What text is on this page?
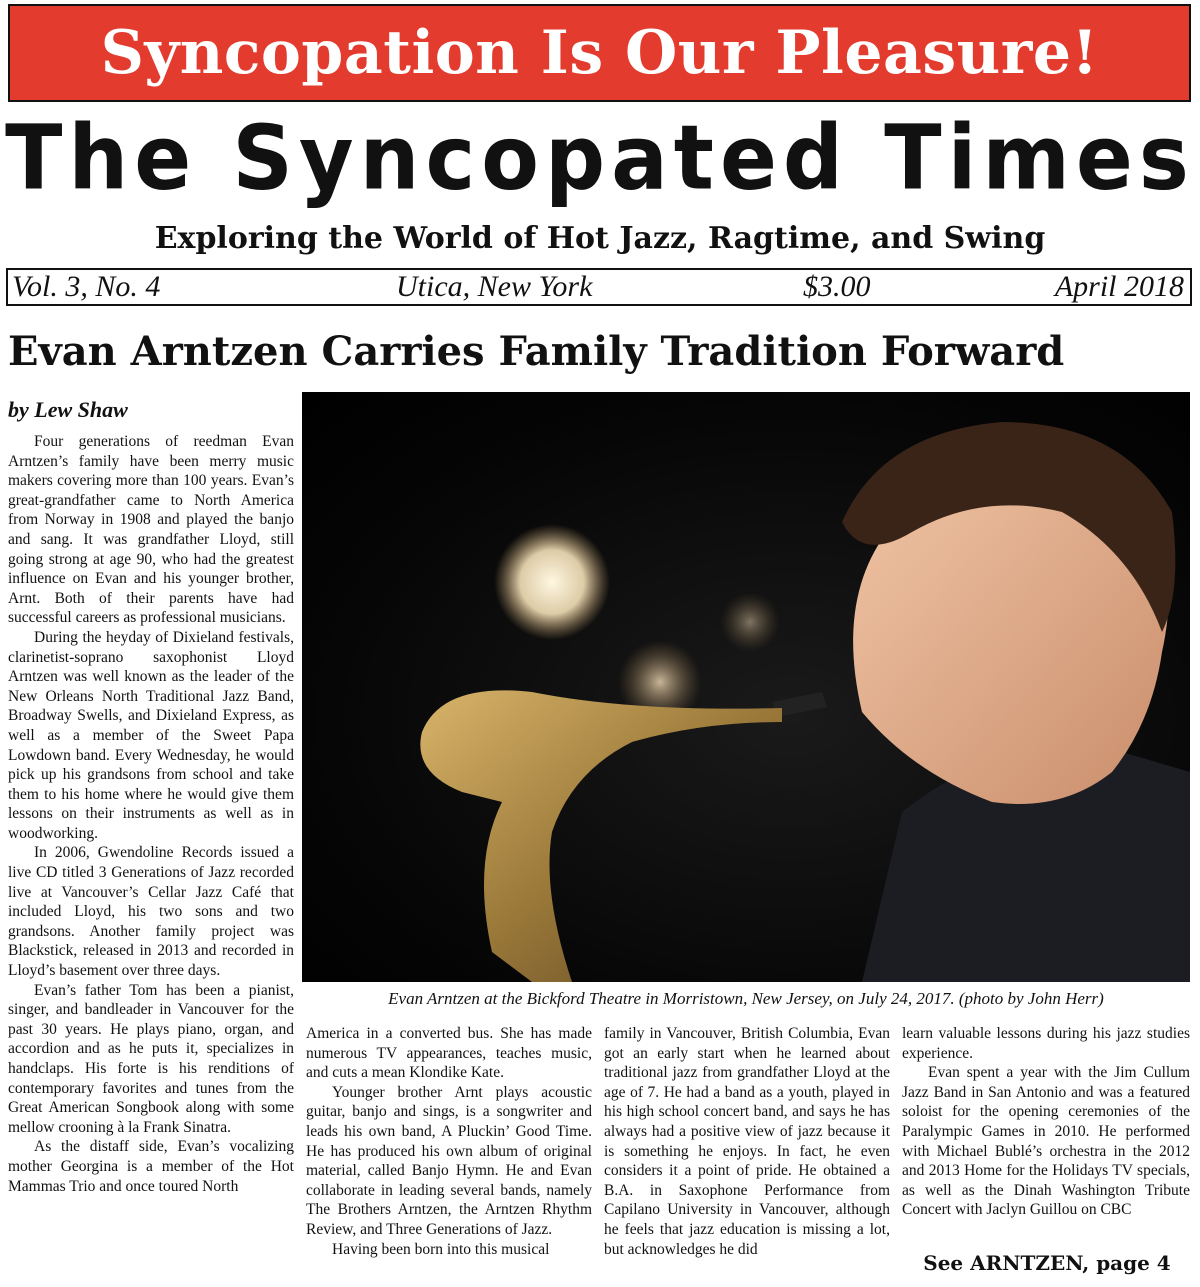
Syncopation Is Our Pleasure!
The Syncopated Times
Exploring the World of Hot Jazz, Ragtime, and Swing
Vol. 3, No. 4	Utica, New York	$3.00	April 2018
Evan Arntzen Carries Family Tradition Forward
by Lew Shaw

Four generations of reedman Evan Arntzen’s family have been merry music makers covering more than 100 years. Evan’s great-grandfather came to North America from Norway in 1908 and played the banjo and sang. It was grandfather Lloyd, still going strong at age 90, who had the greatest influence on Evan and his younger brother, Arnt. Both of their parents have had successful careers as professional musicians.

During the heyday of Dixieland festivals, clarinetist-soprano saxophonist Lloyd Arntzen was well known as the leader of the New Orleans North Traditional Jazz Band, Broadway Swells, and Dixieland Express, as well as a member of the Sweet Papa Lowdown band. Every Wednesday, he would pick up his grandsons from school and take them to his home where he would give them lessons on their instruments as well as in woodworking.

In 2006, Gwendoline Records issued a live CD titled 3 Generations of Jazz recorded live at Vancouver’s Cellar Jazz Café that included Lloyd, his two sons and two grandsons. Another family project was Blackstick, released in 2013 and recorded in Lloyd’s basement over three days.

Evan’s father Tom has been a pianist, singer, and bandleader in Vancouver for the past 30 years. He plays piano, organ, and accordion and as he puts it, specializes in handclaps. His forte is his renditions of contemporary favorites and tunes from the Great American Songbook along with some mellow crooning à la Frank Sinatra.

As the distaff side, Evan’s vocalizing mother Georgina is a member of the Hot Mammas Trio and once toured North

Evan Arntzen at the Bickford Theatre in Morristown, New Jersey, on July 24, 2017. (photo by John Herr)

America in a converted bus. She has made numerous TV appearances, teaches music, and cuts a mean Klondike Kate.

Younger brother Arnt plays acoustic guitar, banjo and sings, is a songwriter and leads his own band, A Pluckin’ Good Time. He has produced his own album of original material, called Banjo Hymn. He and Evan collaborate in leading several bands, namely The Brothers Arntzen, the Arntzen Rhythm Review, and Three Generations of Jazz.

Having been born into this musical

family in Vancouver, British Columbia, Evan got an early start when he learned about traditional jazz from grandfather Lloyd at the age of 7. He had a band as a youth, played in his high school concert band, and says he has always had a positive view of jazz because it is something he enjoys. In fact, he even considers it a point of pride. He obtained a B.A. in Saxophone Performance from Capilano University in Vancouver, although he feels that jazz education is missing a lot, but acknowledges he did

learn valuable lessons during his jazz studies experience.

Evan spent a year with the Jim Cullum Jazz Band in San Antonio and was a featured soloist for the opening ceremonies of the Paralympic Games in 2010. He performed with Michael Bublé’s orchestra in the 2012 and 2013 Home for the Holidays TV specials, as well as the Dinah Washington Tribute Concert with Jaclyn Guillou on CBC

See ARNTZEN, page 4
